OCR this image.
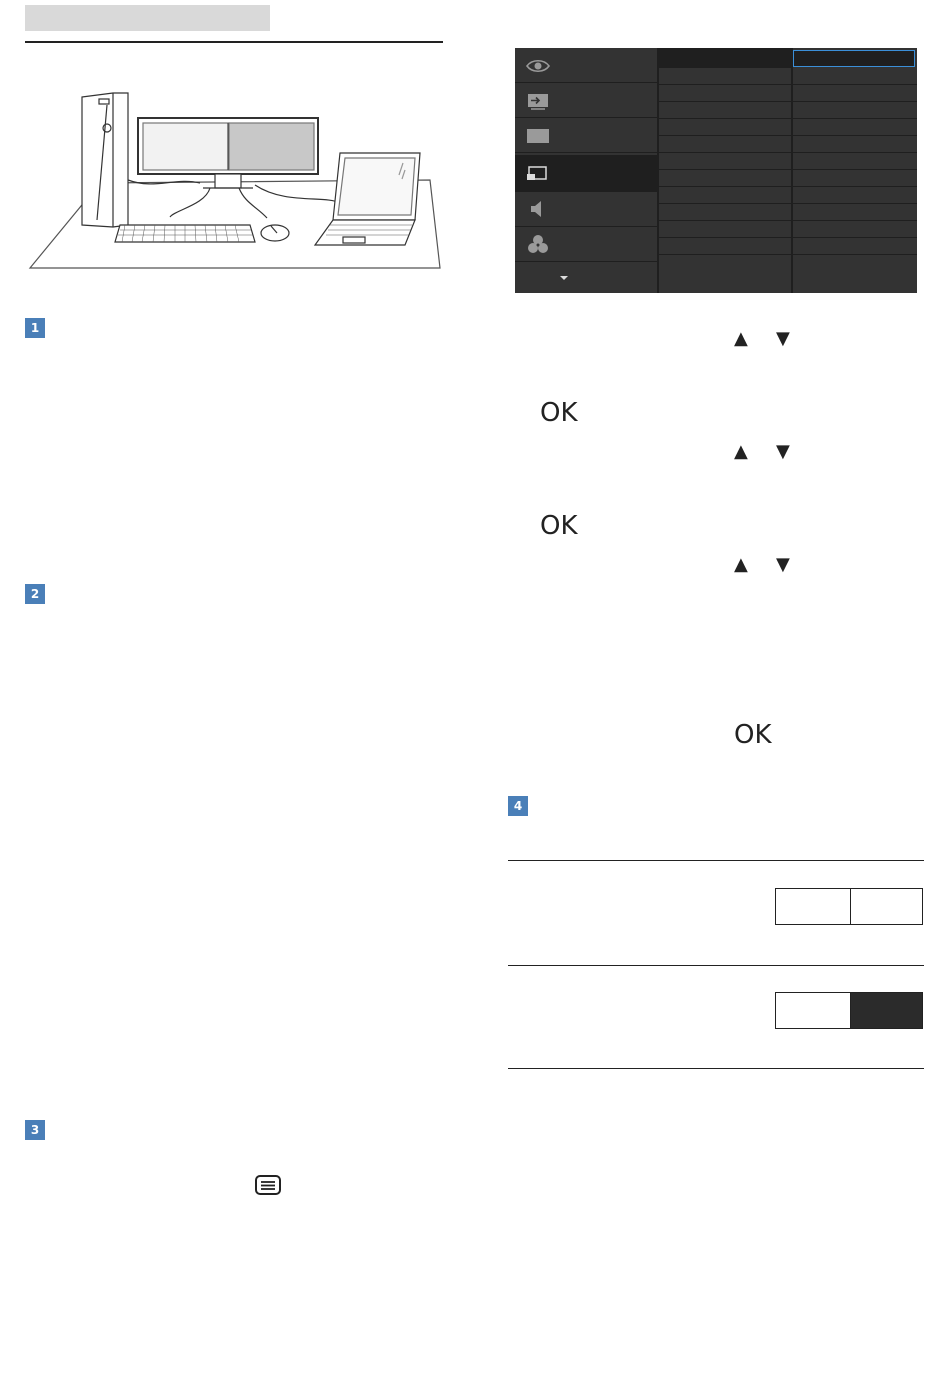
1
2
3
4
▲ ▼
OK
▲ ▼
OK
▲ ▼
OK
